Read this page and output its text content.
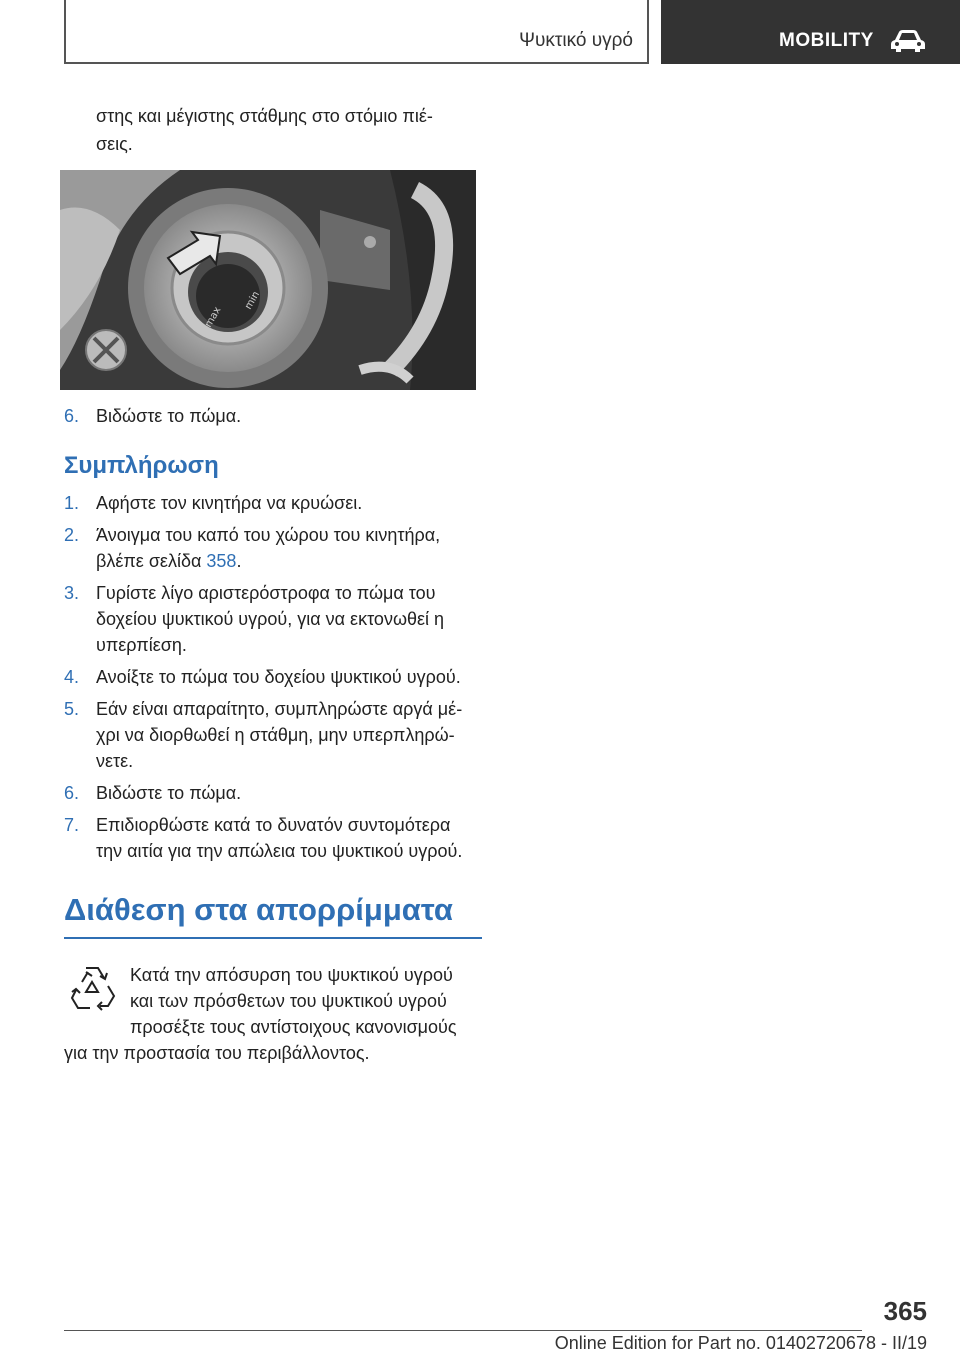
Ψυκτικό υγρό	MOBILITY
στης και μέγιστης στάθμης στο στόμιο πιέ‐
σεις.
max
min
6. Βιδώστε το πώμα.
Συμπλήρωση
1. Αφήστε τον κινητήρα να κρυώσει.
2. Άνοιγμα του καπό του χώρου του κινητήρα,
βλέπε σελίδα 358.
3. Γυρίστε λίγο αριστερόστροφα το πώμα του
δοχείου ψυκτικού υγρού, για να εκτονωθεί η
υπερπίεση.
4. Ανοίξτε το πώμα του δοχείου ψυκτικού υγρού.
5. Εάν είναι απαραίτητο, συμπληρώστε αργά μέ‐
χρι να διορθωθεί η στάθμη, μην υπερπληρώ‐
νετε.
6. Βιδώστε το πώμα.
7. Επιδιορθώστε κατά το δυνατόν συντομότερα
την αιτία για την απώλεια του ψυκτικού υγρού.
Διάθεση στα απορρίμματα
Κατά την απόσυρση του ψυκτικού υγρού
και των πρόσθετων του ψυκτικού υγρού
προσέξτε τους αντίστοιχους κανονισμούς
για την προστασία του περιβάλλοντος.
365
Online Edition for Part no. 01402720678 - II/19
